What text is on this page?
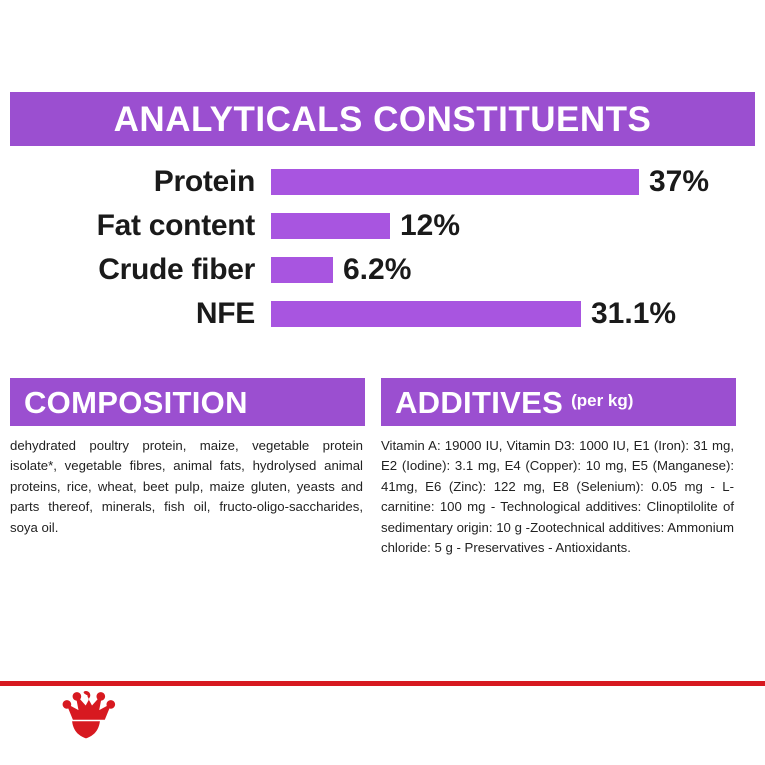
ANALYTICALS CONSTITUENTS
Protein	37%
Fat content	12%
Crude fiber	6.2%
NFE	31.1%
COMPOSITION
dehydrated poultry protein, maize, vegetable protein isolate*, vegetable fibres, animal fats, hydrolysed animal proteins, rice, wheat, beet pulp, maize gluten, yeasts and parts thereof, minerals, fish oil, fructo-oligo-saccharides, soya oil.
ADDITIVES (per kg)
Vitamin A: 19000 IU, Vitamin D3: 1000 IU, E1 (Iron): 31 mg, E2 (Iodine): 3.1 mg, E4 (Copper): 10 mg, E5 (Manganese): 41mg, E6 (Zinc): 122 mg, E8 (Selenium): 0.05 mg - L- carnitine: 100 mg - Technological additives: Clinoptilolite of sedimentary origin: 10 g -Zootechnical additives: Ammonium chloride: 5 g - Preservatives - Antioxidants.
